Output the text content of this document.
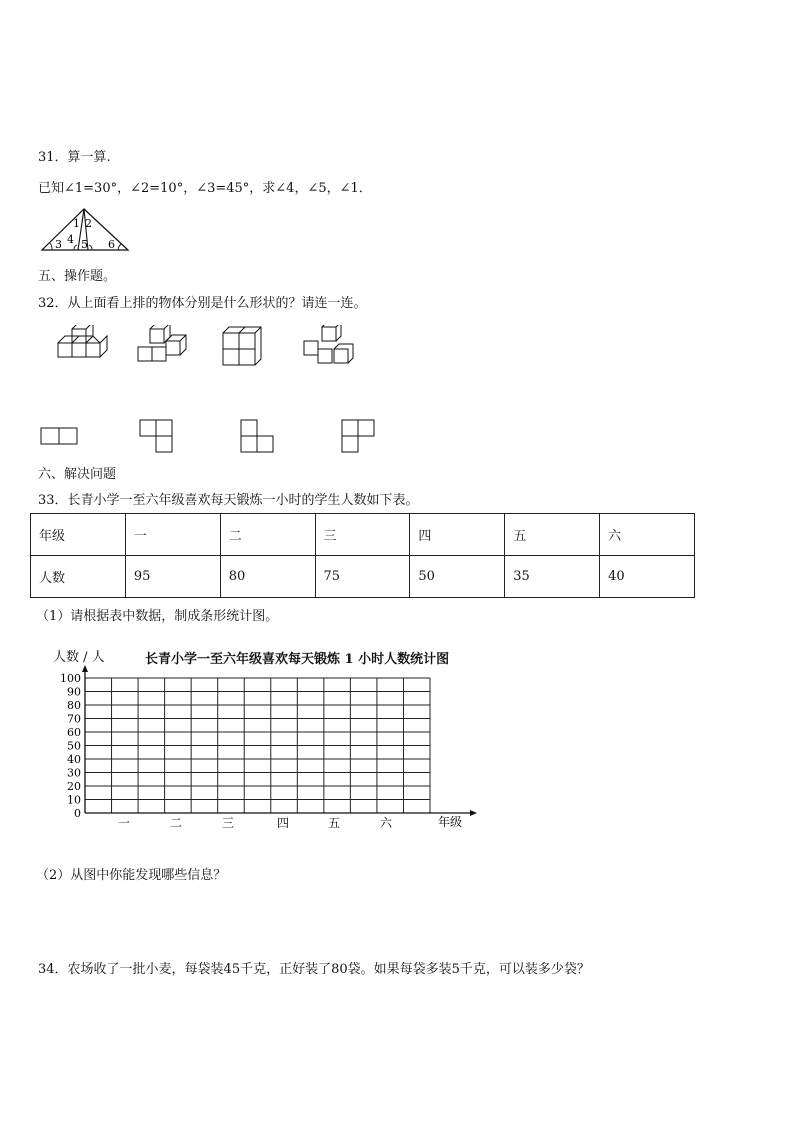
31．算一算.
已知∠1=30°，∠2=10°，∠3=45°，求∠4，∠5，∠1．
1 2
3 4 5 6
五、操作题。
32．从上面看上排的物体分别是什么形状的？请连一连。
六、解决问题
33．长青小学一至六年级喜欢每天锻炼一小时的学生人数如下表。
年级	一	二	三	四	五	六
人数	95	80	75	50	35	40
（1）请根据表中数据，制成条形统计图。
人数 / 人	长青小学一至六年级喜欢每天锻炼 1 小时人数统计图
0
10
20
30
40
50
60
70
80
90
100
一	二	三	四	五	六	年级
（2）从图中你能发现哪些信息？
34．农场收了一批小麦，每袋装45千克，正好装了80袋。如果每袋多装5千克，可以装多少袋？
